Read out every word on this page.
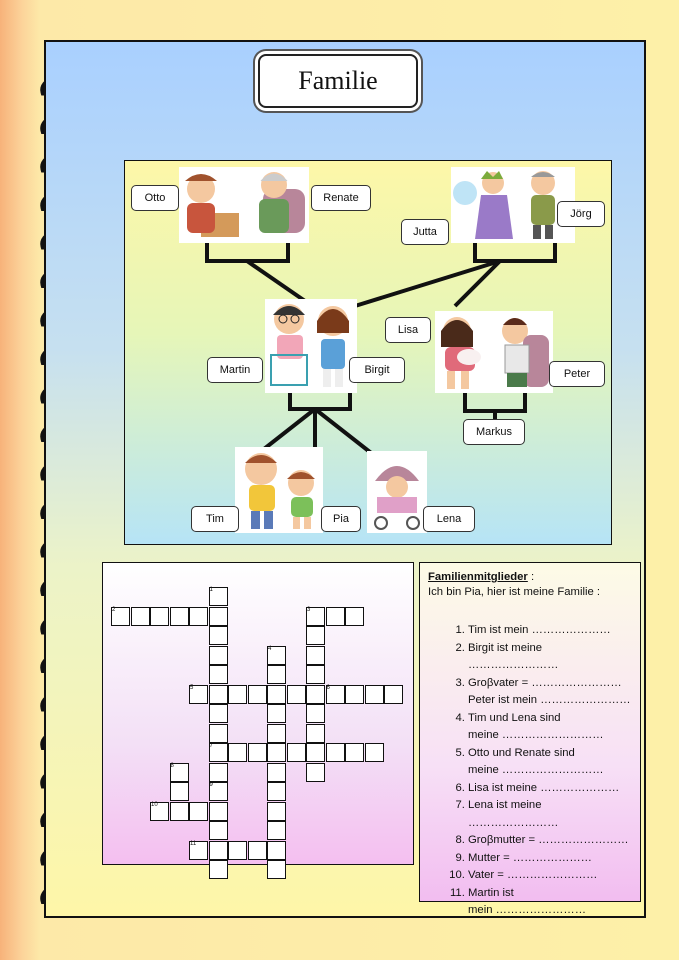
Familie
Otto	Renate
Jutta
Jörg
Lisa
Martin	Birgit	Peter
Markus
Tim	Pia	Lena
1
2	3
4
5	6
7
8
9
10
11
Familienmitglieder :
Ich bin Pia, hier ist meine Familie :
1. Tim ist mein …………………
2. Birgit ist meine ……………………
3. Groβvater = ……………………
Peter ist mein ……………………
4. Tim und Lena sind
meine ………………………
5. Otto und Renate sind
meine ………………………
6. Lisa ist meine …………………
7. Lena ist meine ……………………
8. Groβmutter = ……………………
9. Mutter = …………………
10. Vater = ……………………
11. Martin ist
mein ……………………
